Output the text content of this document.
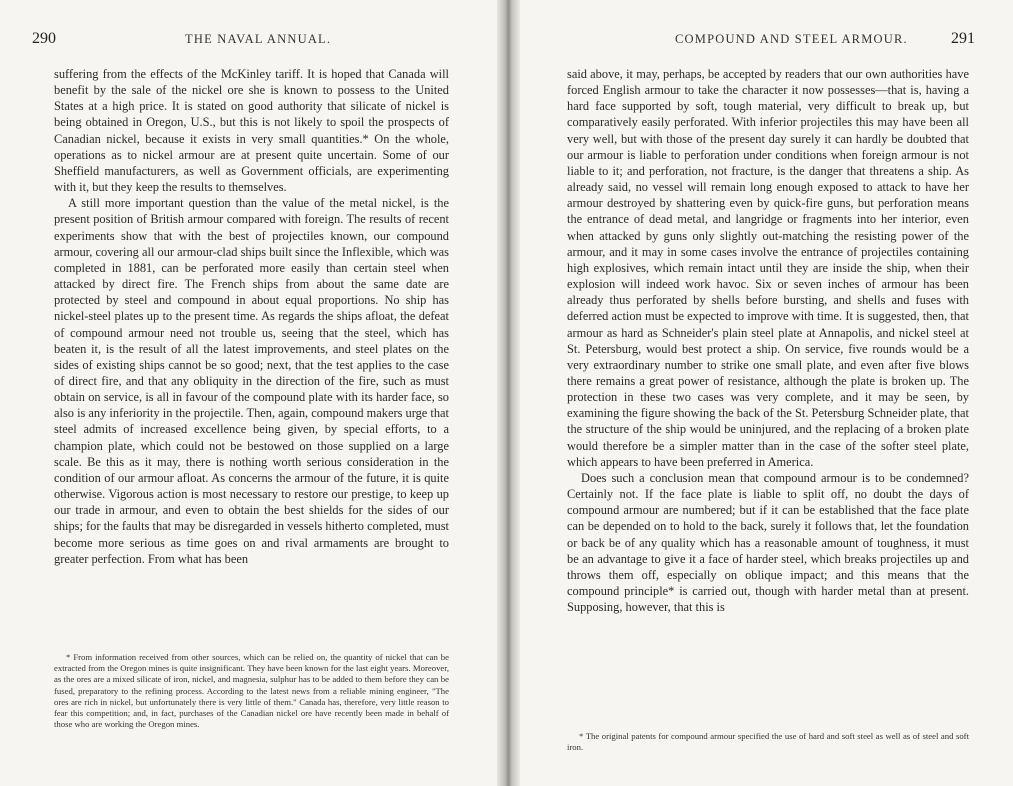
290	THE NAVAL ANNUAL.

suffering from the effects of the McKinley tariff. It is hoped that Canada will benefit by the sale of the nickel ore she is known to possess to the United States at a high price. It is stated on good authority that silicate of nickel is being obtained in Oregon, U.S., but this is not likely to spoil the prospects of Canadian nickel, because it exists in very small quantities.* On the whole, operations as to nickel armour are at present quite uncertain. Some of our Sheffield manufacturers, as well as Government officials, are experimenting with it, but they keep the results to themselves.

A still more important question than the value of the metal nickel, is the present position of British armour compared with foreign. The results of recent experiments show that with the best of projectiles known, our compound armour, covering all our armour-clad ships built since the Inflexible, which was completed in 1881, can be perforated more easily than certain steel when attacked by direct fire. The French ships from about the same date are protected by steel and compound in about equal proportions. No ship has nickel-steel plates up to the present time. As regards the ships afloat, the defeat of compound armour need not trouble us, seeing that the steel, which has beaten it, is the result of all the latest improvements, and steel plates on the sides of existing ships cannot be so good; next, that the test applies to the case of direct fire, and that any obliquity in the direction of the fire, such as must obtain on service, is all in favour of the compound plate with its harder face, so also is any inferiority in the projectile. Then, again, compound makers urge that steel admits of increased excellence being given, by special efforts, to a champion plate, which could not be bestowed on those supplied on a large scale. Be this as it may, there is nothing worth serious consideration in the condition of our armour afloat. As concerns the armour of the future, it is quite otherwise. Vigorous action is most necessary to restore our prestige, to keep up our trade in armour, and even to obtain the best shields for the sides of our ships; for the faults that may be disregarded in vessels hitherto completed, must become more serious as time goes on and rival armaments are brought to greater perfection. From what has been

* From information received from other sources, which can be relied on, the quantity of nickel that can be extracted from the Oregon mines is quite insignificant. They have been known for the last eight years. Moreover, as the ores are a mixed silicate of iron, nickel, and magnesia, sulphur has to be added to them before they can be fused, preparatory to the refining process. According to the latest news from a reliable mining engineer, "The ores are rich in nickel, but unfortunately there is very little of them." Canada has, therefore, very little reason to fear this competition; and, in fact, purchases of the Canadian nickel ore have recently been made in behalf of those who are working the Oregon mines.

COMPOUND AND STEEL ARMOUR.	291

said above, it may, perhaps, be accepted by readers that our own authorities have forced English armour to take the character it now possesses—that is, having a hard face supported by soft, tough material, very difficult to break up, but comparatively easily perforated. With inferior projectiles this may have been all very well, but with those of the present day surely it can hardly be doubted that our armour is liable to perforation under conditions when foreign armour is not liable to it; and perforation, not fracture, is the danger that threatens a ship. As already said, no vessel will remain long enough exposed to attack to have her armour destroyed by shattering even by quick-fire guns, but perforation means the entrance of dead metal, and langridge or fragments into her interior, even when attacked by guns only slightly out-matching the resisting power of the armour, and it may in some cases involve the entrance of projectiles containing high explosives, which remain intact until they are inside the ship, when their explosion will indeed work havoc. Six or seven inches of armour has been already thus perforated by shells before bursting, and shells and fuses with deferred action must be expected to improve with time. It is suggested, then, that armour as hard as Schneider's plain steel plate at Annapolis, and nickel steel at St. Petersburg, would best protect a ship. On service, five rounds would be a very extraordinary number to strike one small plate, and even after five blows there remains a great power of resistance, although the plate is broken up. The protection in these two cases was very complete, and it may be seen, by examining the figure showing the back of the St. Petersburg Schneider plate, that the structure of the ship would be uninjured, and the replacing of a broken plate would therefore be a simpler matter than in the case of the softer steel plate, which appears to have been preferred in America.

Does such a conclusion mean that compound armour is to be condemned? Certainly not. If the face plate is liable to split off, no doubt the days of compound armour are numbered; but if it can be established that the face plate can be depended on to hold to the back, surely it follows that, let the foundation or back be of any quality which has a reasonable amount of toughness, it must be an advantage to give it a face of harder steel, which breaks projectiles up and throws them off, especially on oblique impact; and this means that the compound principle* is carried out, though with harder metal than at present. Supposing, however, that this is

* The original patents for compound armour specified the use of hard and soft steel as well as of steel and soft iron.
